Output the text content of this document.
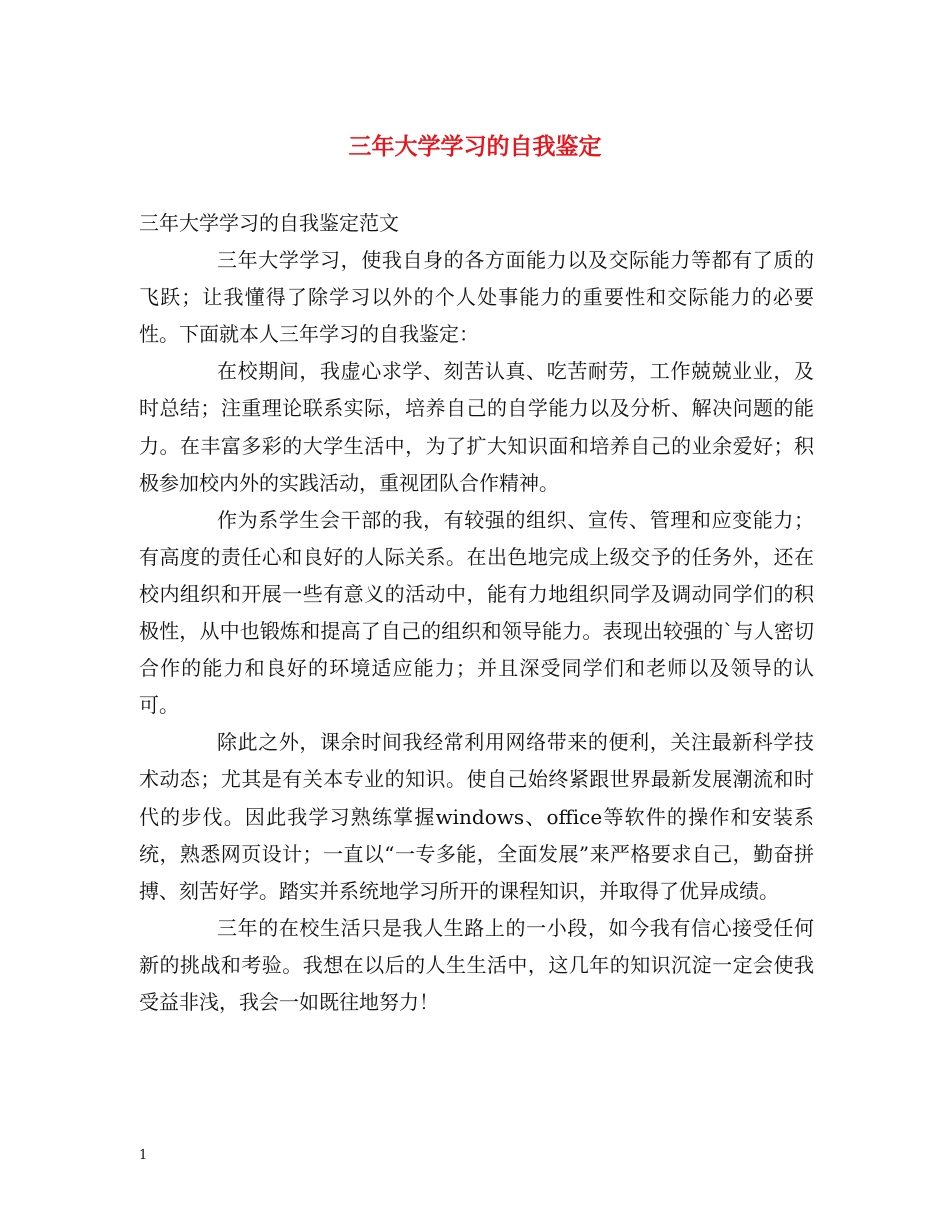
三年大学学习的自我鉴定

三年大学学习的自我鉴定范文

三年大学学习，使我自身的各方面能力以及交际能力等都有了质的飞跃；让我懂得了除学习以外的个人处事能力的重要性和交际能力的必要性。下面就本人三年学习的自我鉴定：

在校期间，我虚心求学、刻苦认真、吃苦耐劳，工作兢兢业业，及时总结；注重理论联系实际，培养自己的自学能力以及分析、解决问题的能力。在丰富多彩的大学生活中，为了扩大知识面和培养自己的业余爱好；积极参加校内外的实践活动，重视团队合作精神。

作为系学生会干部的我，有较强的组织、宣传、管理和应变能力；有高度的责任心和良好的人际关系。在出色地完成上级交予的任务外，还在校内组织和开展一些有意义的活动中，能有力地组织同学及调动同学们的积极性，从中也锻炼和提高了自己的组织和领导能力。表现出较强的`与人密切合作的能力和良好的环境适应能力；并且深受同学们和老师以及领导的认可。

除此之外，课余时间我经常利用网络带来的便利，关注最新科学技术动态；尤其是有关本专业的知识。使自己始终紧跟世界最新发展潮流和时代的步伐。因此我学习熟练掌握windows、office等软件的操作和安装系统，熟悉网页设计；一直以“一专多能，全面发展”来严格要求自己，勤奋拼搏、刻苦好学。踏实并系统地学习所开的课程知识，并取得了优异成绩。

三年的在校生活只是我人生路上的一小段，如今我有信心接受任何新的挑战和考验。我想在以后的人生生活中，这几年的知识沉淀一定会使我受益非浅，我会一如既往地努力！

1
